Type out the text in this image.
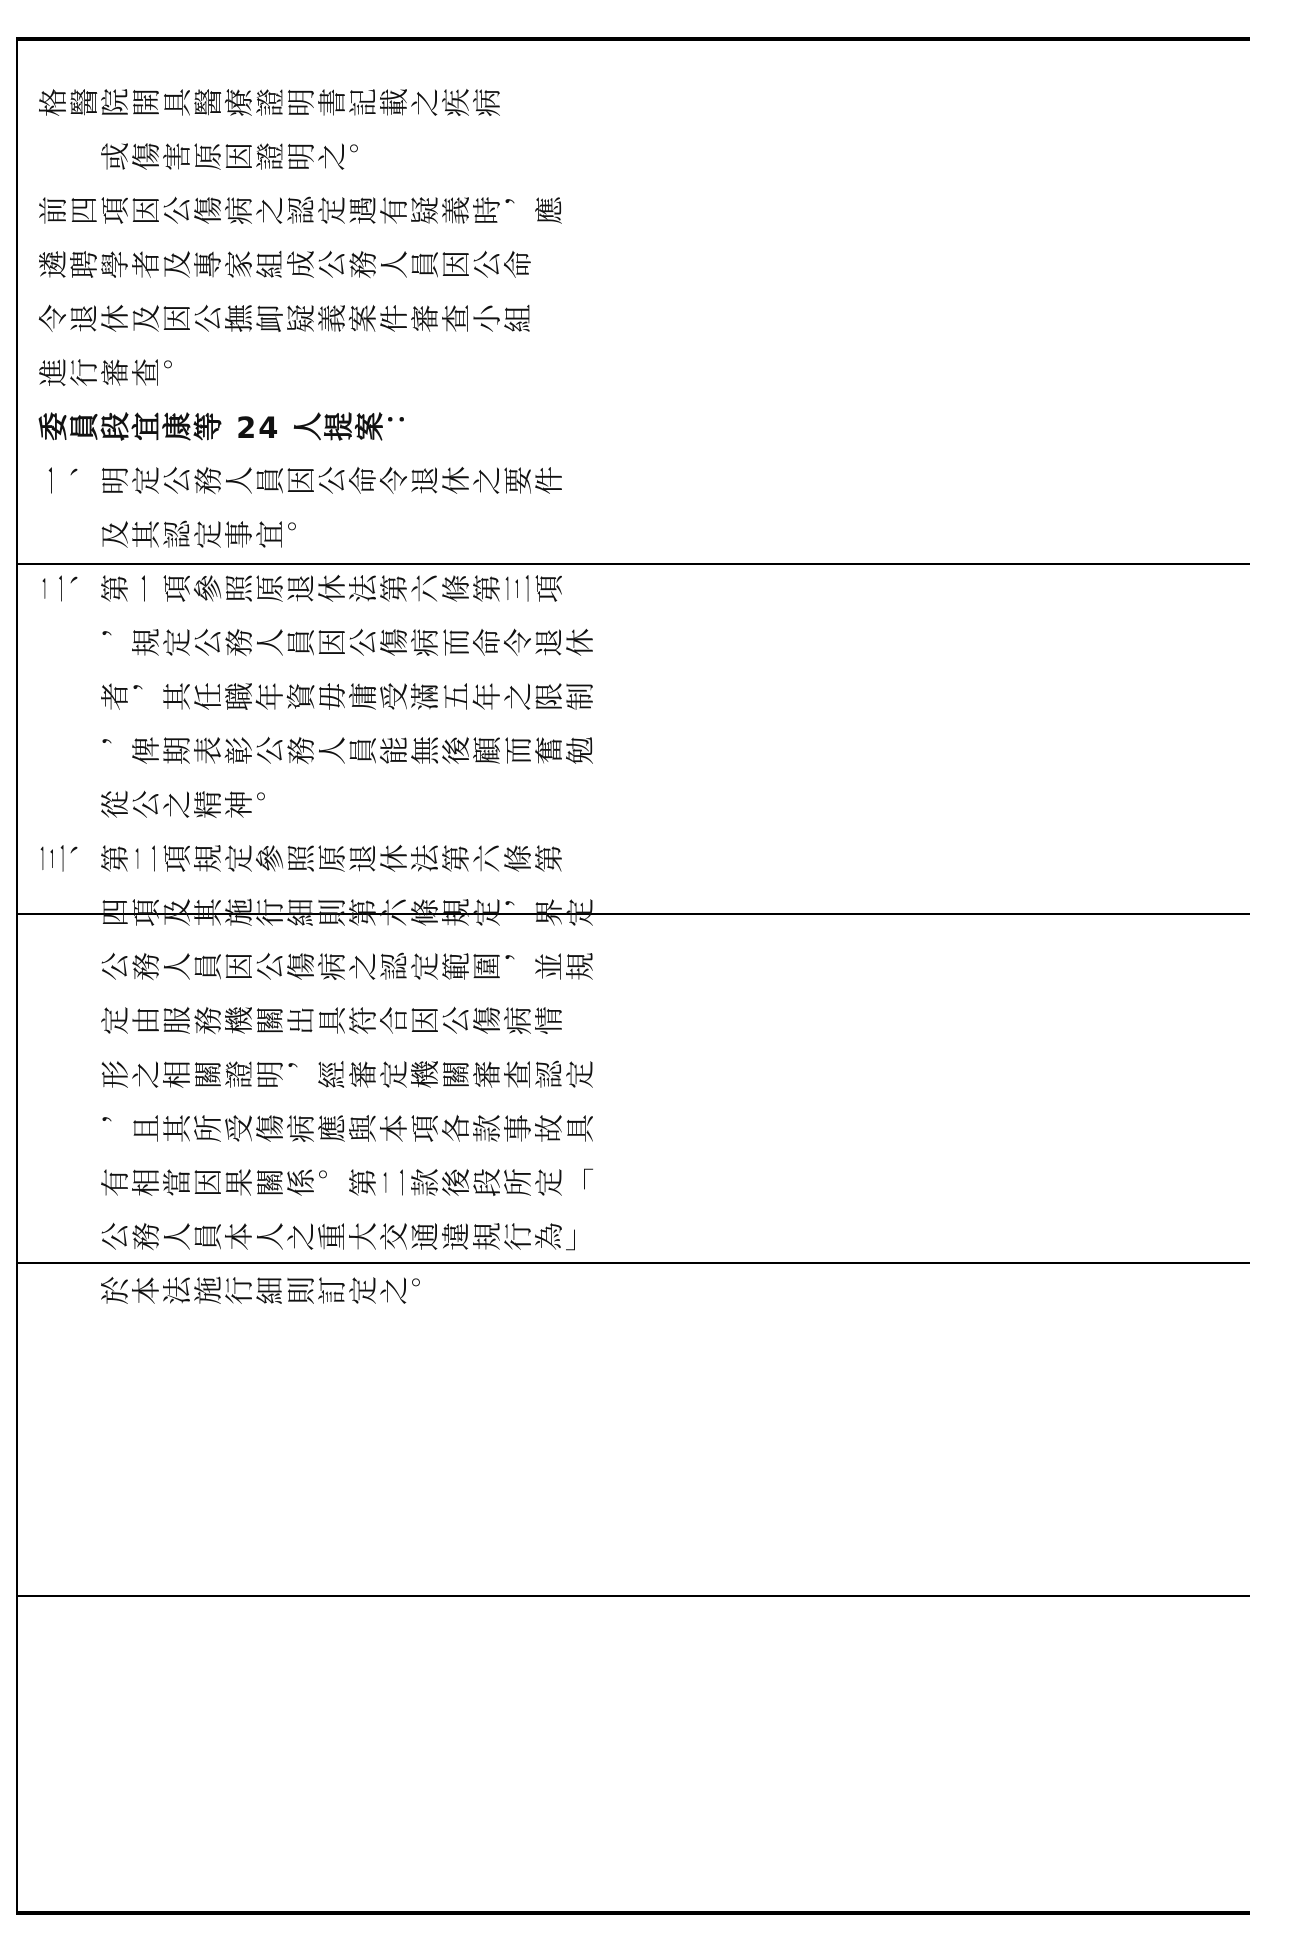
格醫院開具醫療證明書記載之疾病

或傷害原因證明之。

前四項因公傷病之認定遇有疑義時，應

遴聘學者及專家組成公務人員因公命

令退休及因公撫卹疑義案件審查小組

進行審查。

委員段宜康等 24 人提案：

一、明定公務人員因公命令退休之要件

及其認定事宜。

二、第一項參照原退休法第六條第三項

，規定公務人員因公傷病而命令退休

者，其任職年資毋庸受滿五年之限制

，俾期表彰公務人員能無後顧而奮勉

從公之精神。

三、第二項規定參照原退休法第六條第

四項及其施行細則第六條規定，界定

公務人員因公傷病之認定範圍，並規

定由服務機關出具符合因公傷病情

形之相關證明，經審定機關審查認定

，且其所受傷病應與本項各款事故具

有相當因果關係。第二款後段所定「

公務人員本人之重大交通違規行為」

於本法施行細則訂定之。
